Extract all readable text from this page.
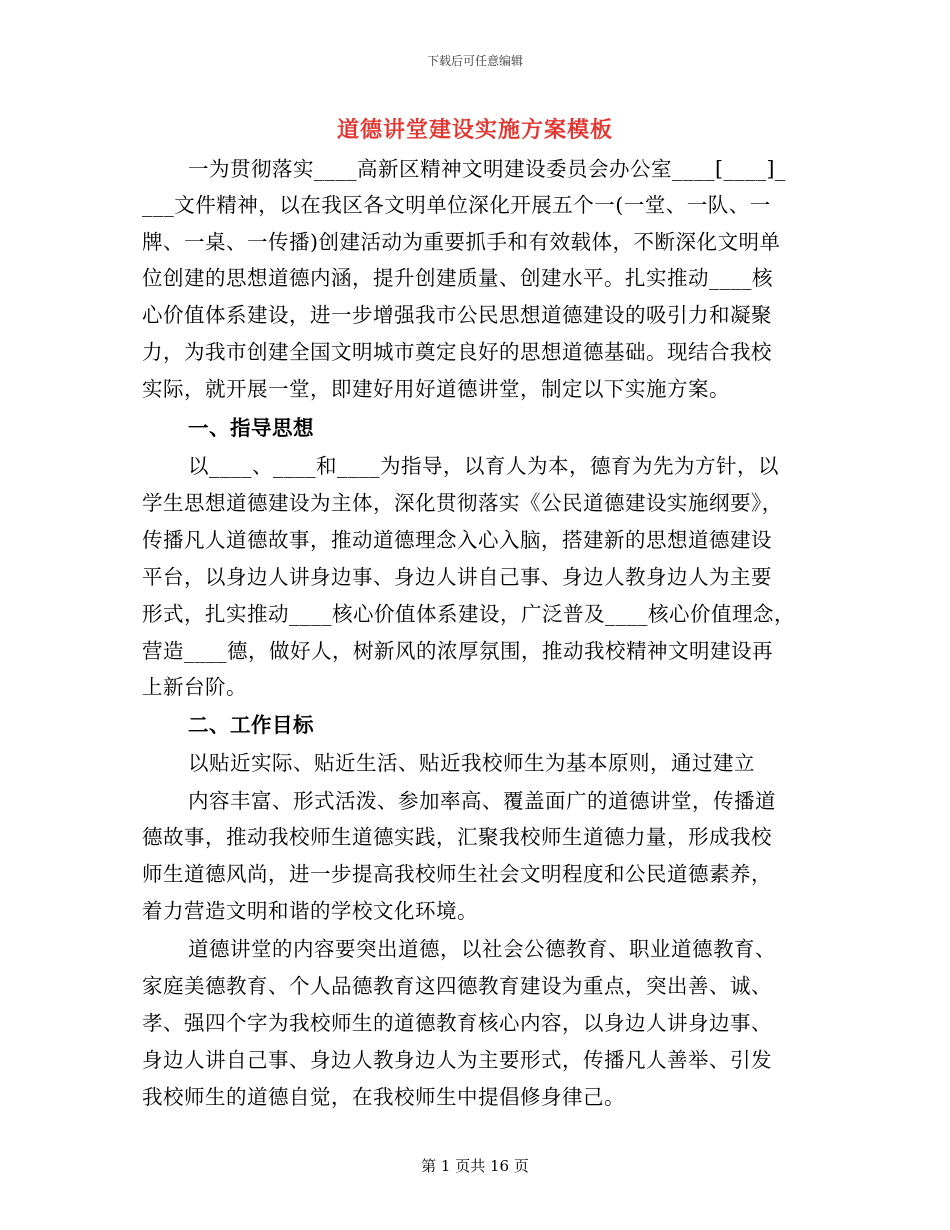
下载后可任意编辑
道德讲堂建设实施方案模板
一为贯彻落实____高新区精神文明建设委员会办公室____[____]_
___文件精神，以在我区各文明单位深化开展五个一(一堂、一队、一
牌、一桌、一传播)创建活动为重要抓手和有效载体，不断深化文明单
位创建的思想道德内涵，提升创建质量、创建水平。扎实推动____核
心价值体系建设，进一步增强我市公民思想道德建设的吸引力和凝聚
力，为我市创建全国文明城市奠定良好的思想道德基础。现结合我校
实际，就开展一堂，即建好用好道德讲堂，制定以下实施方案。
一、指导思想
以____、____和____为指导，以育人为本，德育为先为方针，以
学生思想道德建设为主体，深化贯彻落实《公民道德建设实施纲要》，
传播凡人道德故事，推动道德理念入心入脑，搭建新的思想道德建设
平台，以身边人讲身边事、身边人讲自己事、身边人教身边人为主要
形式，扎实推动____核心价值体系建设，广泛普及____核心价值理念，
营造____德，做好人，树新风的浓厚氛围，推动我校精神文明建设再
上新台阶。
二、工作目标
以贴近实际、贴近生活、贴近我校师生为基本原则，通过建立
内容丰富、形式活泼、参加率高、覆盖面广的道德讲堂，传播道
德故事，推动我校师生道德实践，汇聚我校师生道德力量，形成我校
师生道德风尚，进一步提高我校师生社会文明程度和公民道德素养，
着力营造文明和谐的学校文化环境。
道德讲堂的内容要突出道德，以社会公德教育、职业道德教育、
家庭美德教育、个人品德教育这四德教育建设为重点，突出善、诚、
孝、强四个字为我校师生的道德教育核心内容，以身边人讲身边事、
身边人讲自己事、身边人教身边人为主要形式，传播凡人善举、引发
我校师生的道德自觉，在我校师生中提倡修身律己。
第 1 页共 16 页
